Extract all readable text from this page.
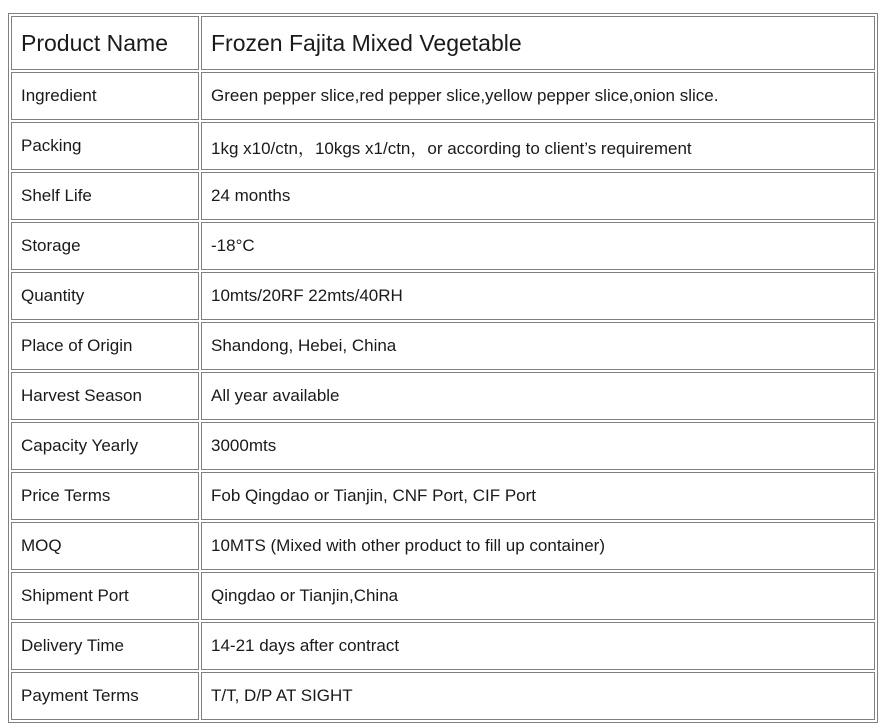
Product Name	Frozen Fajita Mixed Vegetable
Ingredient	Green pepper slice,red pepper slice,yellow pepper slice,onion slice.
Packing	1kg x10/ctn，10kgs x1/ctn，or according to client’s requirement
Shelf Life	24 months
Storage	-18°C
Quantity	10mts/20RF 22mts/40RH
Place of Origin	Shandong, Hebei, China
Harvest Season	All year available
Capacity Yearly	3000mts
Price Terms	Fob Qingdao or Tianjin, CNF Port, CIF Port
MOQ	10MTS (Mixed with other product to fill up container)
Shipment Port	Qingdao or Tianjin,China
Delivery Time	14-21 days after contract
Payment Terms	T/T, D/P AT SIGHT
